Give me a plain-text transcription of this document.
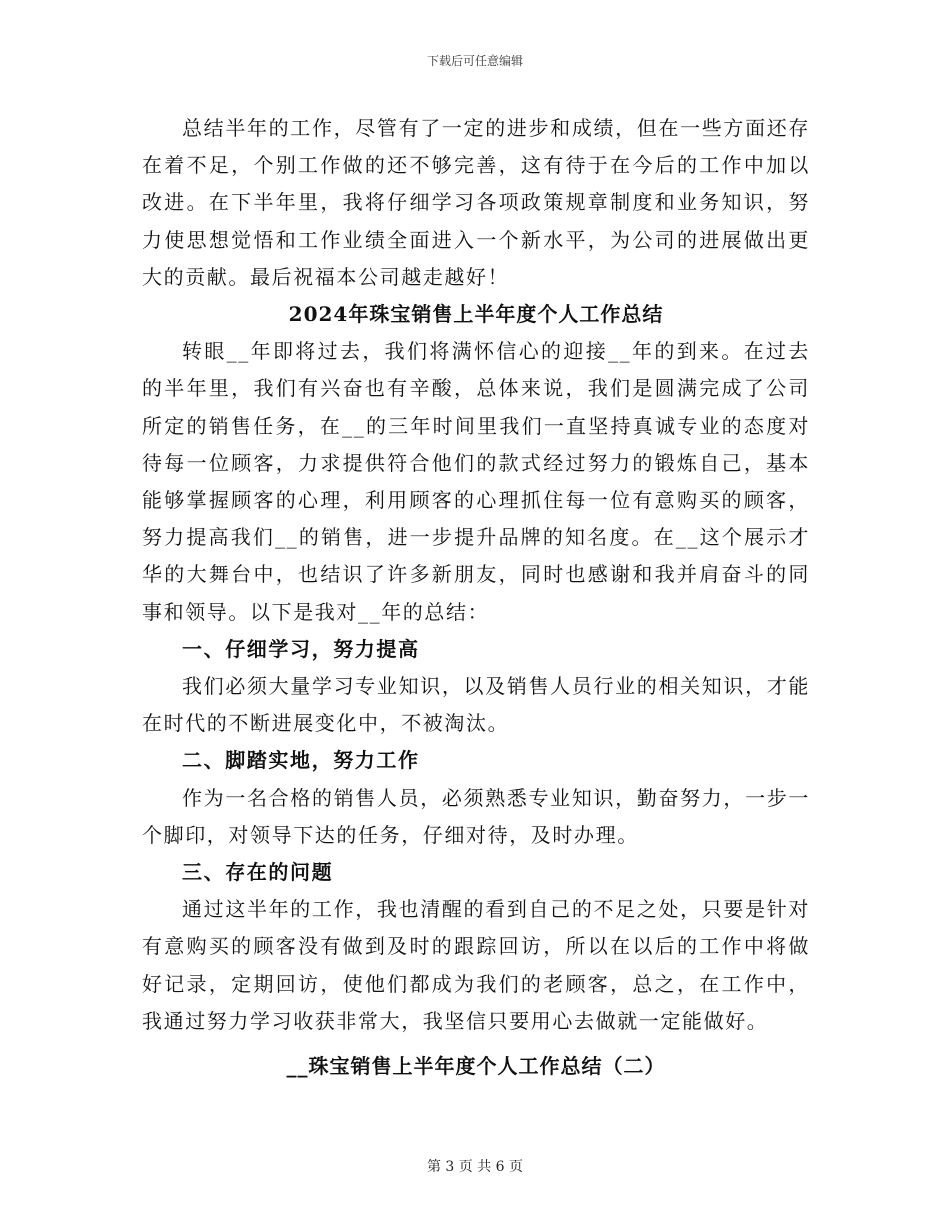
下载后可任意编辑

总结半年的工作，尽管有了一定的进步和成绩，但在一些方面还存在着不足，个别工作做的还不够完善，这有待于在今后的工作中加以改进。在下半年里，我将仔细学习各项政策规章制度和业务知识，努力使思想觉悟和工作业绩全面进入一个新水平，为公司的进展做出更大的贡献。最后祝福本公司越走越好！

2024年珠宝销售上半年度个人工作总结

转眼__年即将过去，我们将满怀信心的迎接__年的到来。在过去的半年里，我们有兴奋也有辛酸，总体来说，我们是圆满完成了公司所定的销售任务，在__的三年时间里我们一直坚持真诚专业的态度对待每一位顾客，力求提供符合他们的款式经过努力的锻炼自己，基本能够掌握顾客的心理，利用顾客的心理抓住每一位有意购买的顾客，努力提高我们__的销售，进一步提升品牌的知名度。在__这个展示才华的大舞台中，也结识了许多新朋友，同时也感谢和我并肩奋斗的同事和领导。以下是我对__年的总结：

一、仔细学习，努力提高

我们必须大量学习专业知识，以及销售人员行业的相关知识，才能在时代的不断进展变化中，不被淘汰。

二、脚踏实地，努力工作

作为一名合格的销售人员，必须熟悉专业知识，勤奋努力，一步一个脚印，对领导下达的任务，仔细对待，及时办理。

三、存在的问题

通过这半年的工作，我也清醒的看到自己的不足之处，只要是针对有意购买的顾客没有做到及时的跟踪回访，所以在以后的工作中将做好记录，定期回访，使他们都成为我们的老顾客，总之，在工作中，我通过努力学习收获非常大，我坚信只要用心去做就一定能做好。

__珠宝销售上半年度个人工作总结（二）

第 3 页 共 6 页
